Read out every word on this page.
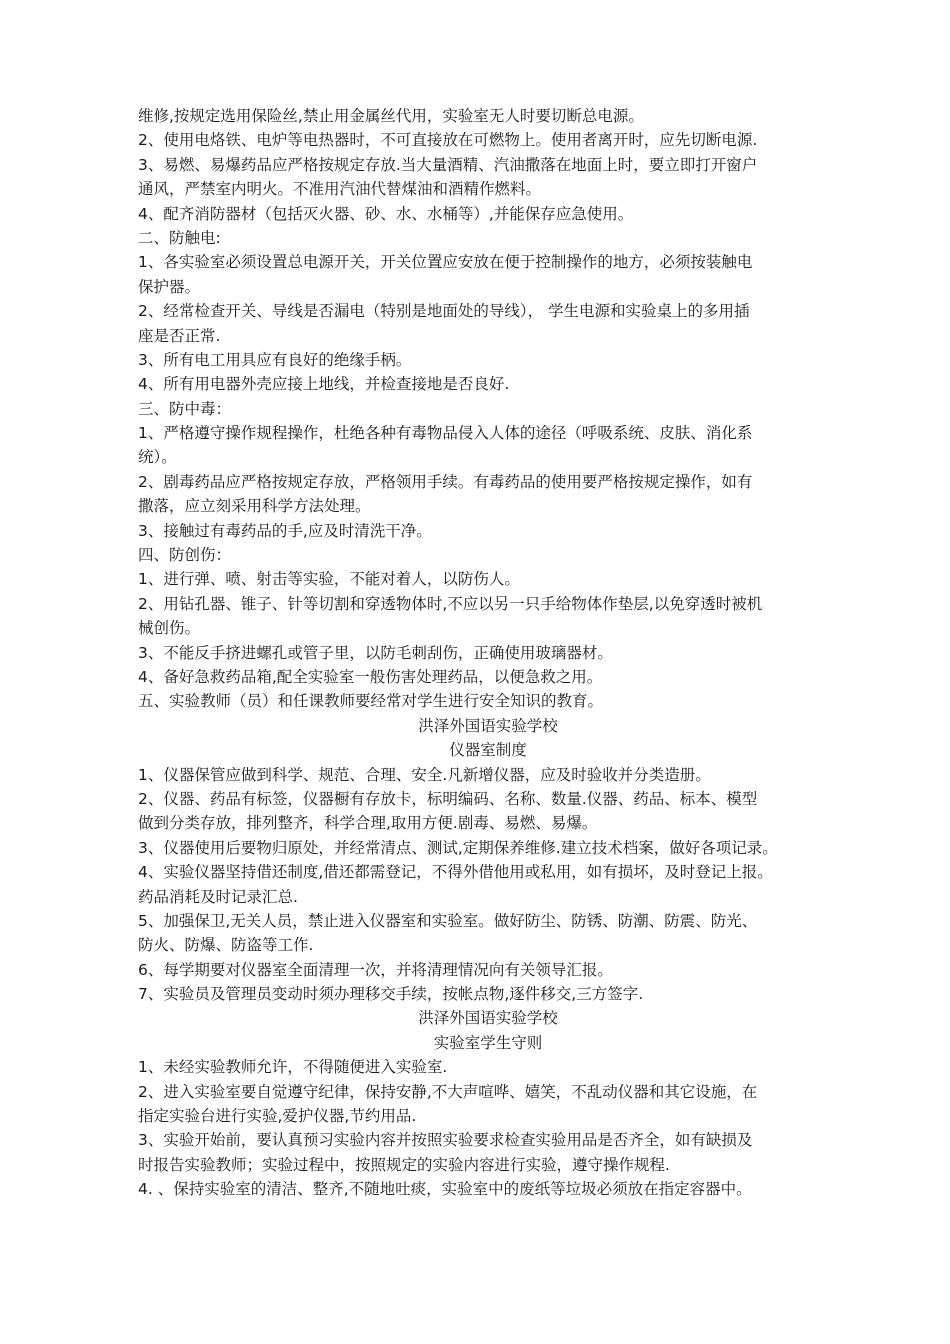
维修,按规定选用保险丝,禁止用金属丝代用，实验室无人时要切断总电源。
2、使用电烙铁、电炉等电热器时，不可直接放在可燃物上。使用者离开时，应先切断电源.
3、易燃、易爆药品应严格按规定存放.当大量酒精、汽油撒落在地面上时，要立即打开窗户
通风，严禁室内明火。不准用汽油代替煤油和酒精作燃料。
4、配齐消防器材（包括灭火器、砂、水、水桶等）,并能保存应急使用。
二、防触电:
1、各实验室必须设置总电源开关，开关位置应安放在便于控制操作的地方，必须按装触电
保护器。
2、经常检查开关、导线是否漏电（特别是地面处的导线）， 学生电源和实验桌上的多用插
座是否正常.
3、所有电工用具应有良好的绝缘手柄。
4、所有用电器外壳应接上地线，并检查接地是否良好.
三、防中毒：
1、严格遵守操作规程操作，杜绝各种有毒物品侵入人体的途径（呼吸系统、皮肤、消化系
统）。
2、剧毒药品应严格按规定存放，严格领用手续。有毒药品的使用要严格按规定操作，如有
撒落，应立刻采用科学方法处理。
3、接触过有毒药品的手,应及时清洗干净。
四、防创伤：
1、进行弹、喷、射击等实验，不能对着人，以防伤人。
2、用钻孔器、锥子、针等切割和穿透物体时,不应以另一只手给物体作垫层,以免穿透时被机
械创伤。
3、不能反手挤进螺孔或管子里，以防毛刺刮伤，正确使用玻璃器材。
4、备好急救药品箱,配全实验室一般伤害处理药品，以便急救之用。
五、实验教师（员）和任课教师要经常对学生进行安全知识的教育。
洪泽外国语实验学校
仪器室制度
1、仪器保管应做到科学、规范、合理、安全.凡新增仪器，应及时验收并分类造册。
2、仪器、药品有标签，仪器橱有存放卡，标明编码、名称、数量.仪器、药品、标本、模型
做到分类存放，排列整齐，科学合理,取用方便.剧毒、易燃、易爆。
3、仪器使用后要物归原处，并经常清点、测试,定期保养维修.建立技术档案，做好各项记录。
4、实验仪器坚持借还制度,借还都需登记，不得外借他用或私用，如有损坏，及时登记上报。
药品消耗及时记录汇总.
5、加强保卫,无关人员，禁止进入仪器室和实验室。做好防尘、防锈、防潮、防震、防光、
防火、防爆、防盗等工作.
6、每学期要对仪器室全面清理一次，并将清理情况向有关领导汇报。
7、实验员及管理员变动时须办理移交手续，按帐点物,逐件移交,三方签字.
洪泽外国语实验学校
实验室学生守则
1、未经实验教师允许，不得随便进入实验室.
2、进入实验室要自觉遵守纪律，保持安静,不大声喧哗、嬉笑，不乱动仪器和其它设施，在
指定实验台进行实验,爱护仪器,节约用品.
3、实验开始前，要认真预习实验内容并按照实验要求检查实验用品是否齐全，如有缺损及
时报告实验教师；实验过程中，按照规定的实验内容进行实验，遵守操作规程.
4. 、保持实验室的清洁、整齐,不随地吐痰，实验室中的废纸等垃圾必须放在指定容器中。
